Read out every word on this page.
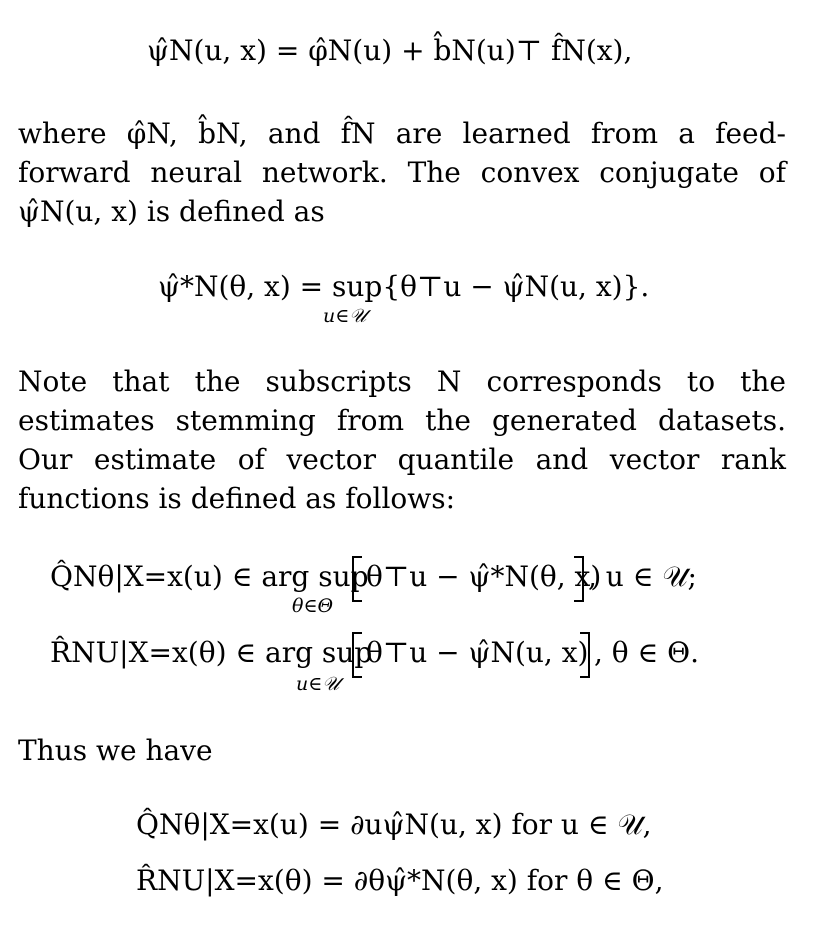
ψ̂N(u, x) = φ̂N(u) + b̂N(u)⊤ f̂N(x),

where φ̂N, b̂N, and f̂N are learned from a feed-forward neural network. The convex conjugate of ψ̂N(u, x) is defined as

ψ̂*N(θ, x) = sup{θ⊤u − ψ̂N(u, x)}.
u∈𝒰

Note that the subscripts N corresponds to the estimates stemming from the generated datasets. Our estimate of vector quantile and vector rank functions is defined as follows:

Q̂Nθ|X=x(u) ∈ arg sup
θ∈Θ
θ⊤u − ψ̂*N(θ, x)
, u ∈ 𝒰;
R̂NU|X=x(θ) ∈ arg sup
u∈𝒰
θ⊤u − ψ̂N(u, x) , θ ∈ Θ.

Thus we have

Q̂Nθ|X=x(u) = ∂uψ̂N(u, x) for u ∈ 𝒰,
R̂NU|X=x(θ) = ∂θψ̂*N(θ, x) for θ ∈ Θ,
